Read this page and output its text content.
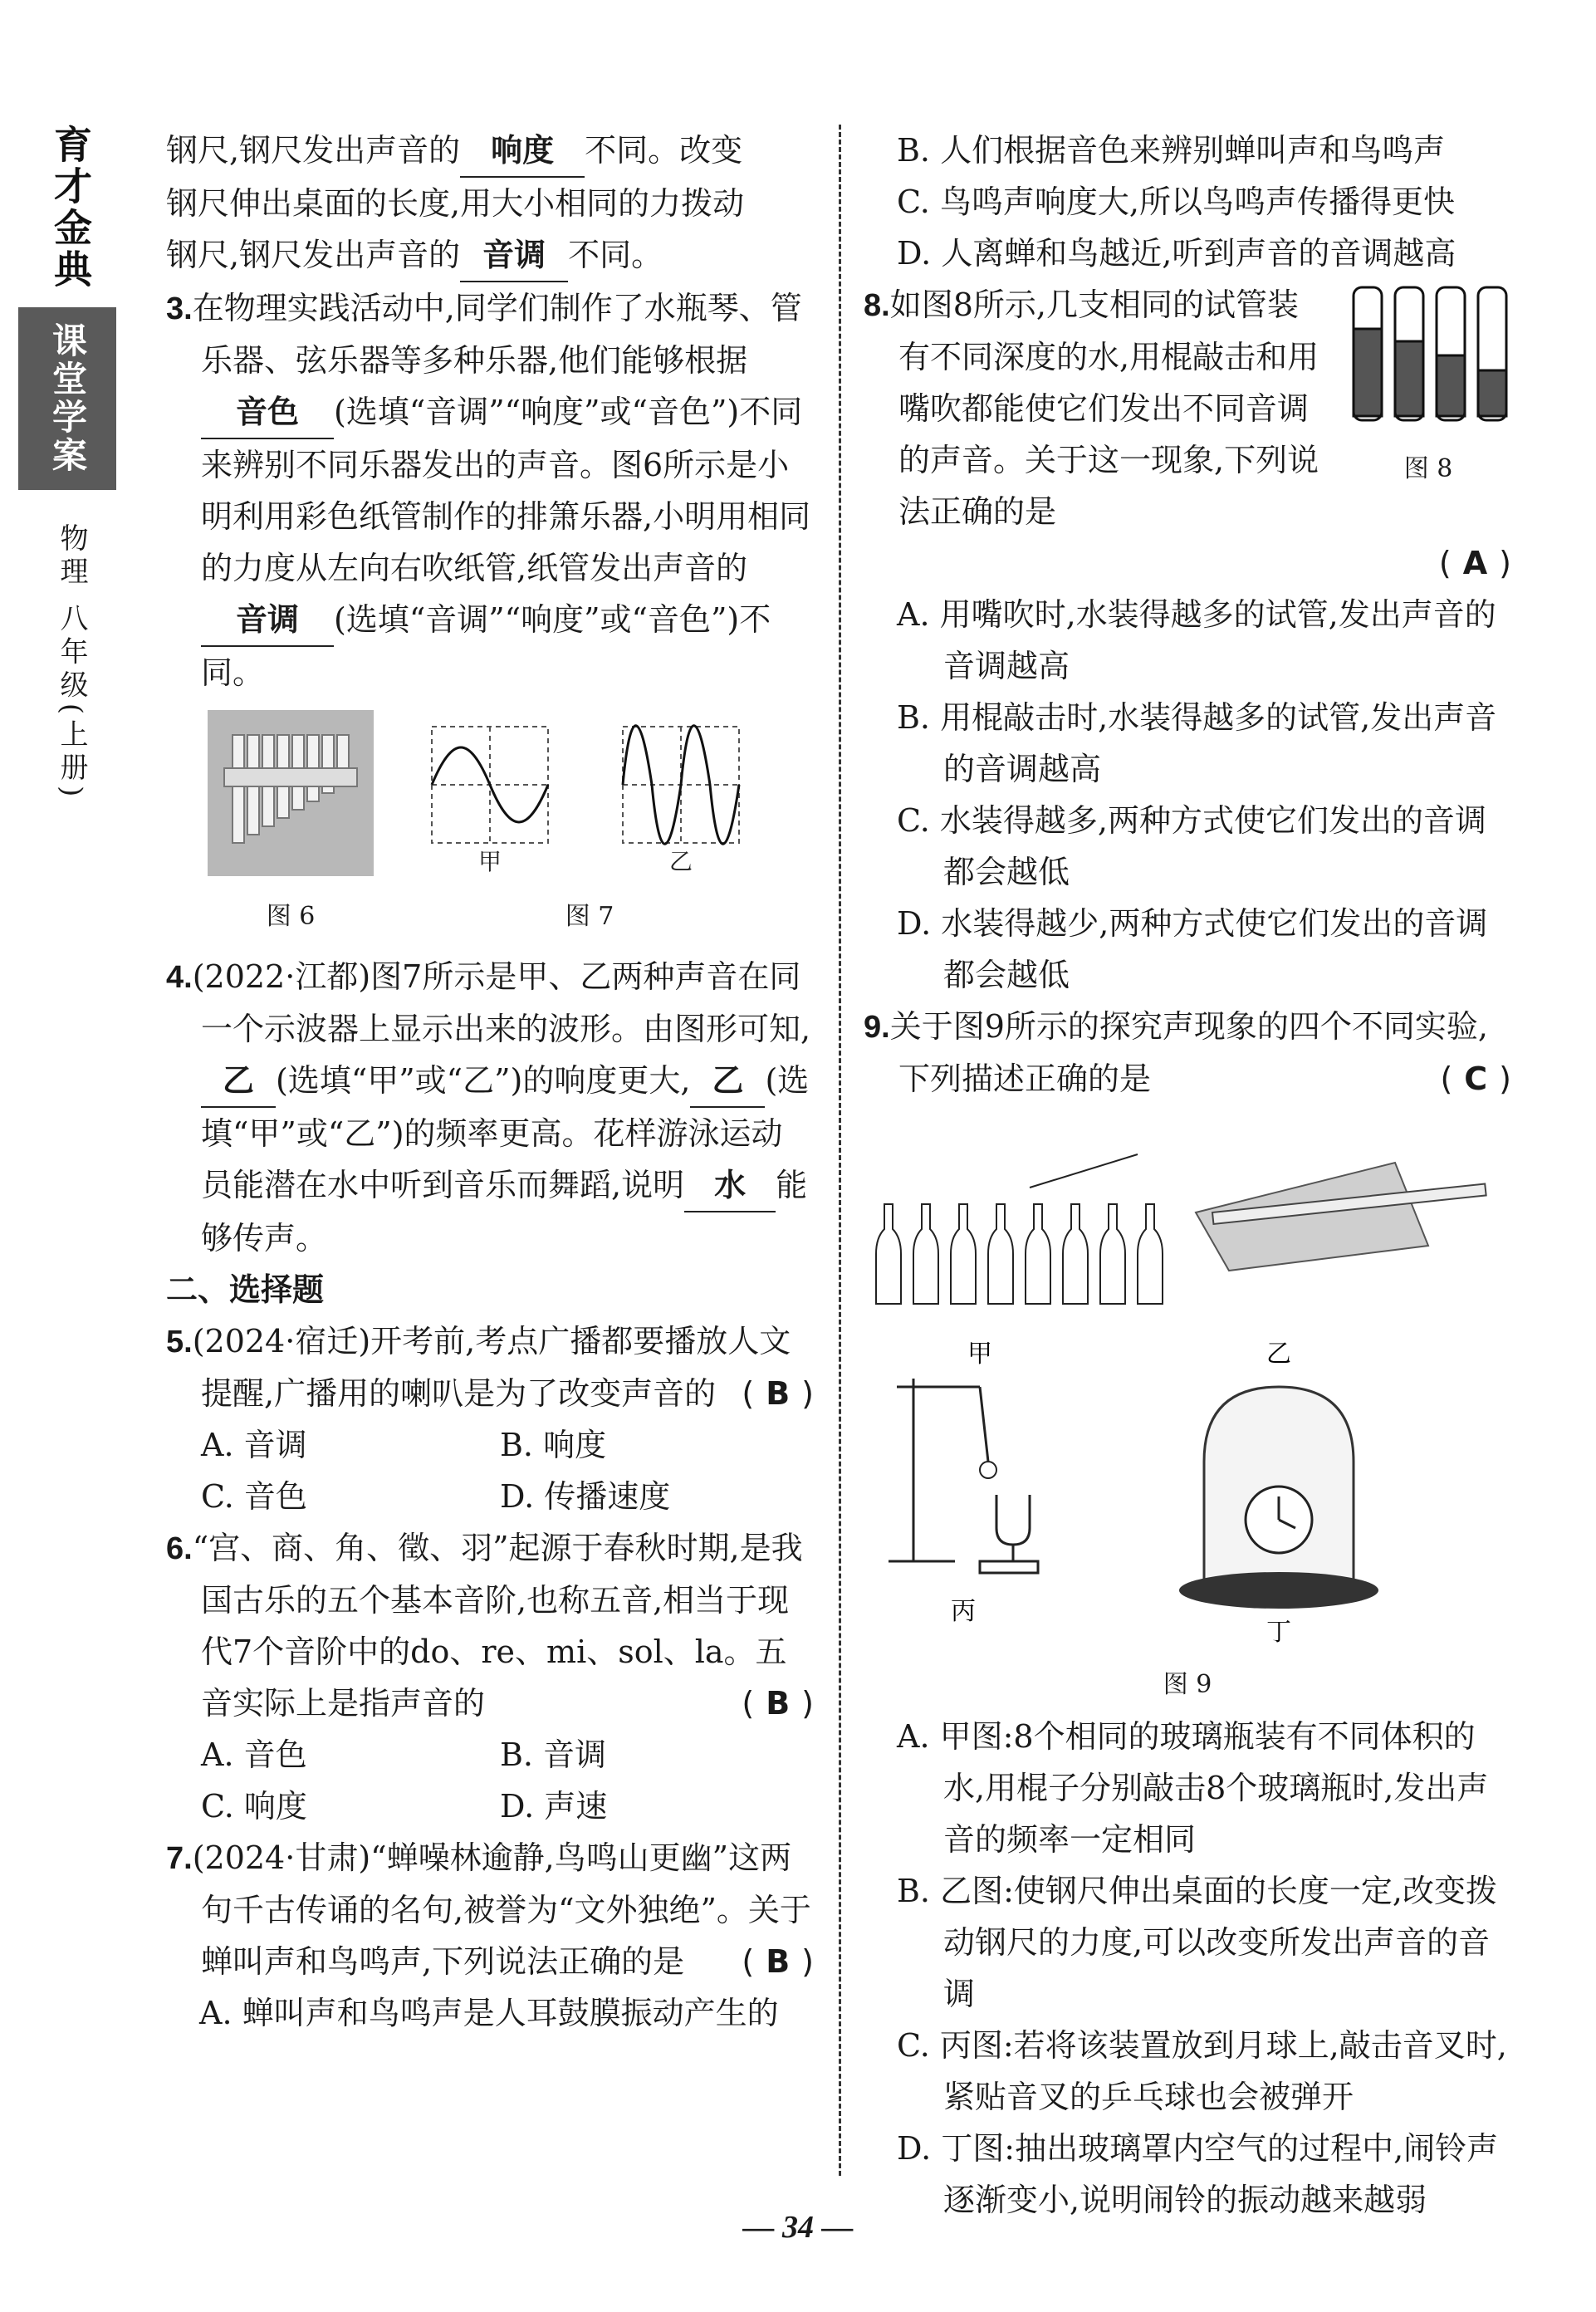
育才金典
课堂学案
物理 八年级(上册)

钢尺,钢尺发出声音的 响度 不同。改变

钢尺伸出桌面的长度,用大小相同的力拨动

钢尺,钢尺发出声音的 音调 不同。

3.在物理实践活动中,同学们制作了水瓶琴、管乐器、弦乐器等多种乐器,他们能够根据音色 (选填“音调”“响度”或“音色”)不同来辨别不同乐器发出的声音。图6所示是小明利用彩色纸管制作的排箫乐器,小明用相同的力度从左向右吹纸管,纸管发出声音的音调 (选填“音调”“响度”或“音色”)不同。

图 6
甲	乙
图 7

4.(2022·江都)图7所示是甲、乙两种声音在同一个示波器上显示出来的波形。由图形可知,乙 (选填“甲”或“乙”)的响度更大, 乙 (选填“甲”或“乙”)的频率更高。花样游泳运动员能潜在水中听到音乐而舞蹈,说明 水 能够传声。

二、选择题

5.(2024·宿迁)开考前,考点广播都要播放人文提醒,广播用的喇叭是为了改变声音的 ( B )

A. 音调	B. 响度
C. 音色	D. 传播速度

6.“宫、商、角、徵、羽”起源于春秋时期,是我国古乐的五个基本音阶,也称五音,相当于现代7个音阶中的do、re、mi、sol、la。五音实际上是指声音的	( B )

A. 音色	B. 音调
C. 响度	D. 声速

7.(2024·甘肃)“蝉噪林逾静,鸟鸣山更幽”这两句千古传诵的名句,被誉为“文外独绝”。关于蝉叫声和鸟鸣声,下列说法正确的是 ( B )

A. 蝉叫声和鸟鸣声是人耳鼓膜振动产生的

B. 人们根据音色来辨别蝉叫声和鸟鸣声

C. 鸟鸣声响度大,所以鸟鸣声传播得更快

D. 人离蝉和鸟越近,听到声音的音调越高

8.如图8所示,几支相同的试管装有不同深度的水,用棍敲击和用嘴吹都能使它们发出不同音调的声音。关于这一现象,下列说法正确的是

图 8

( A )

A. 用嘴吹时,水装得越多的试管,发出声音的音调越高

B. 用棍敲击时,水装得越多的试管,发出声音的音调越高

C. 水装得越多,两种方式使它们发出的音调都会越低

D. 水装得越少,两种方式使它们发出的音调都会越低

9.关于图9所示的探究声现象的四个不同实验,下列描述正确的是	( C )

甲	乙
丙
丁
图 9

A. 甲图:8个相同的玻璃瓶装有不同体积的水,用棍子分别敲击8个玻璃瓶时,发出声音的频率一定相同

B. 乙图:使钢尺伸出桌面的长度一定,改变拨动钢尺的力度,可以改变所发出声音的音调

C. 丙图:若将该装置放到月球上,敲击音叉时,紧贴音叉的乒乓球也会被弹开

D. 丁图:抽出玻璃罩内空气的过程中,闹铃声逐渐变小,说明闹铃的振动越来越弱

— 34 —
